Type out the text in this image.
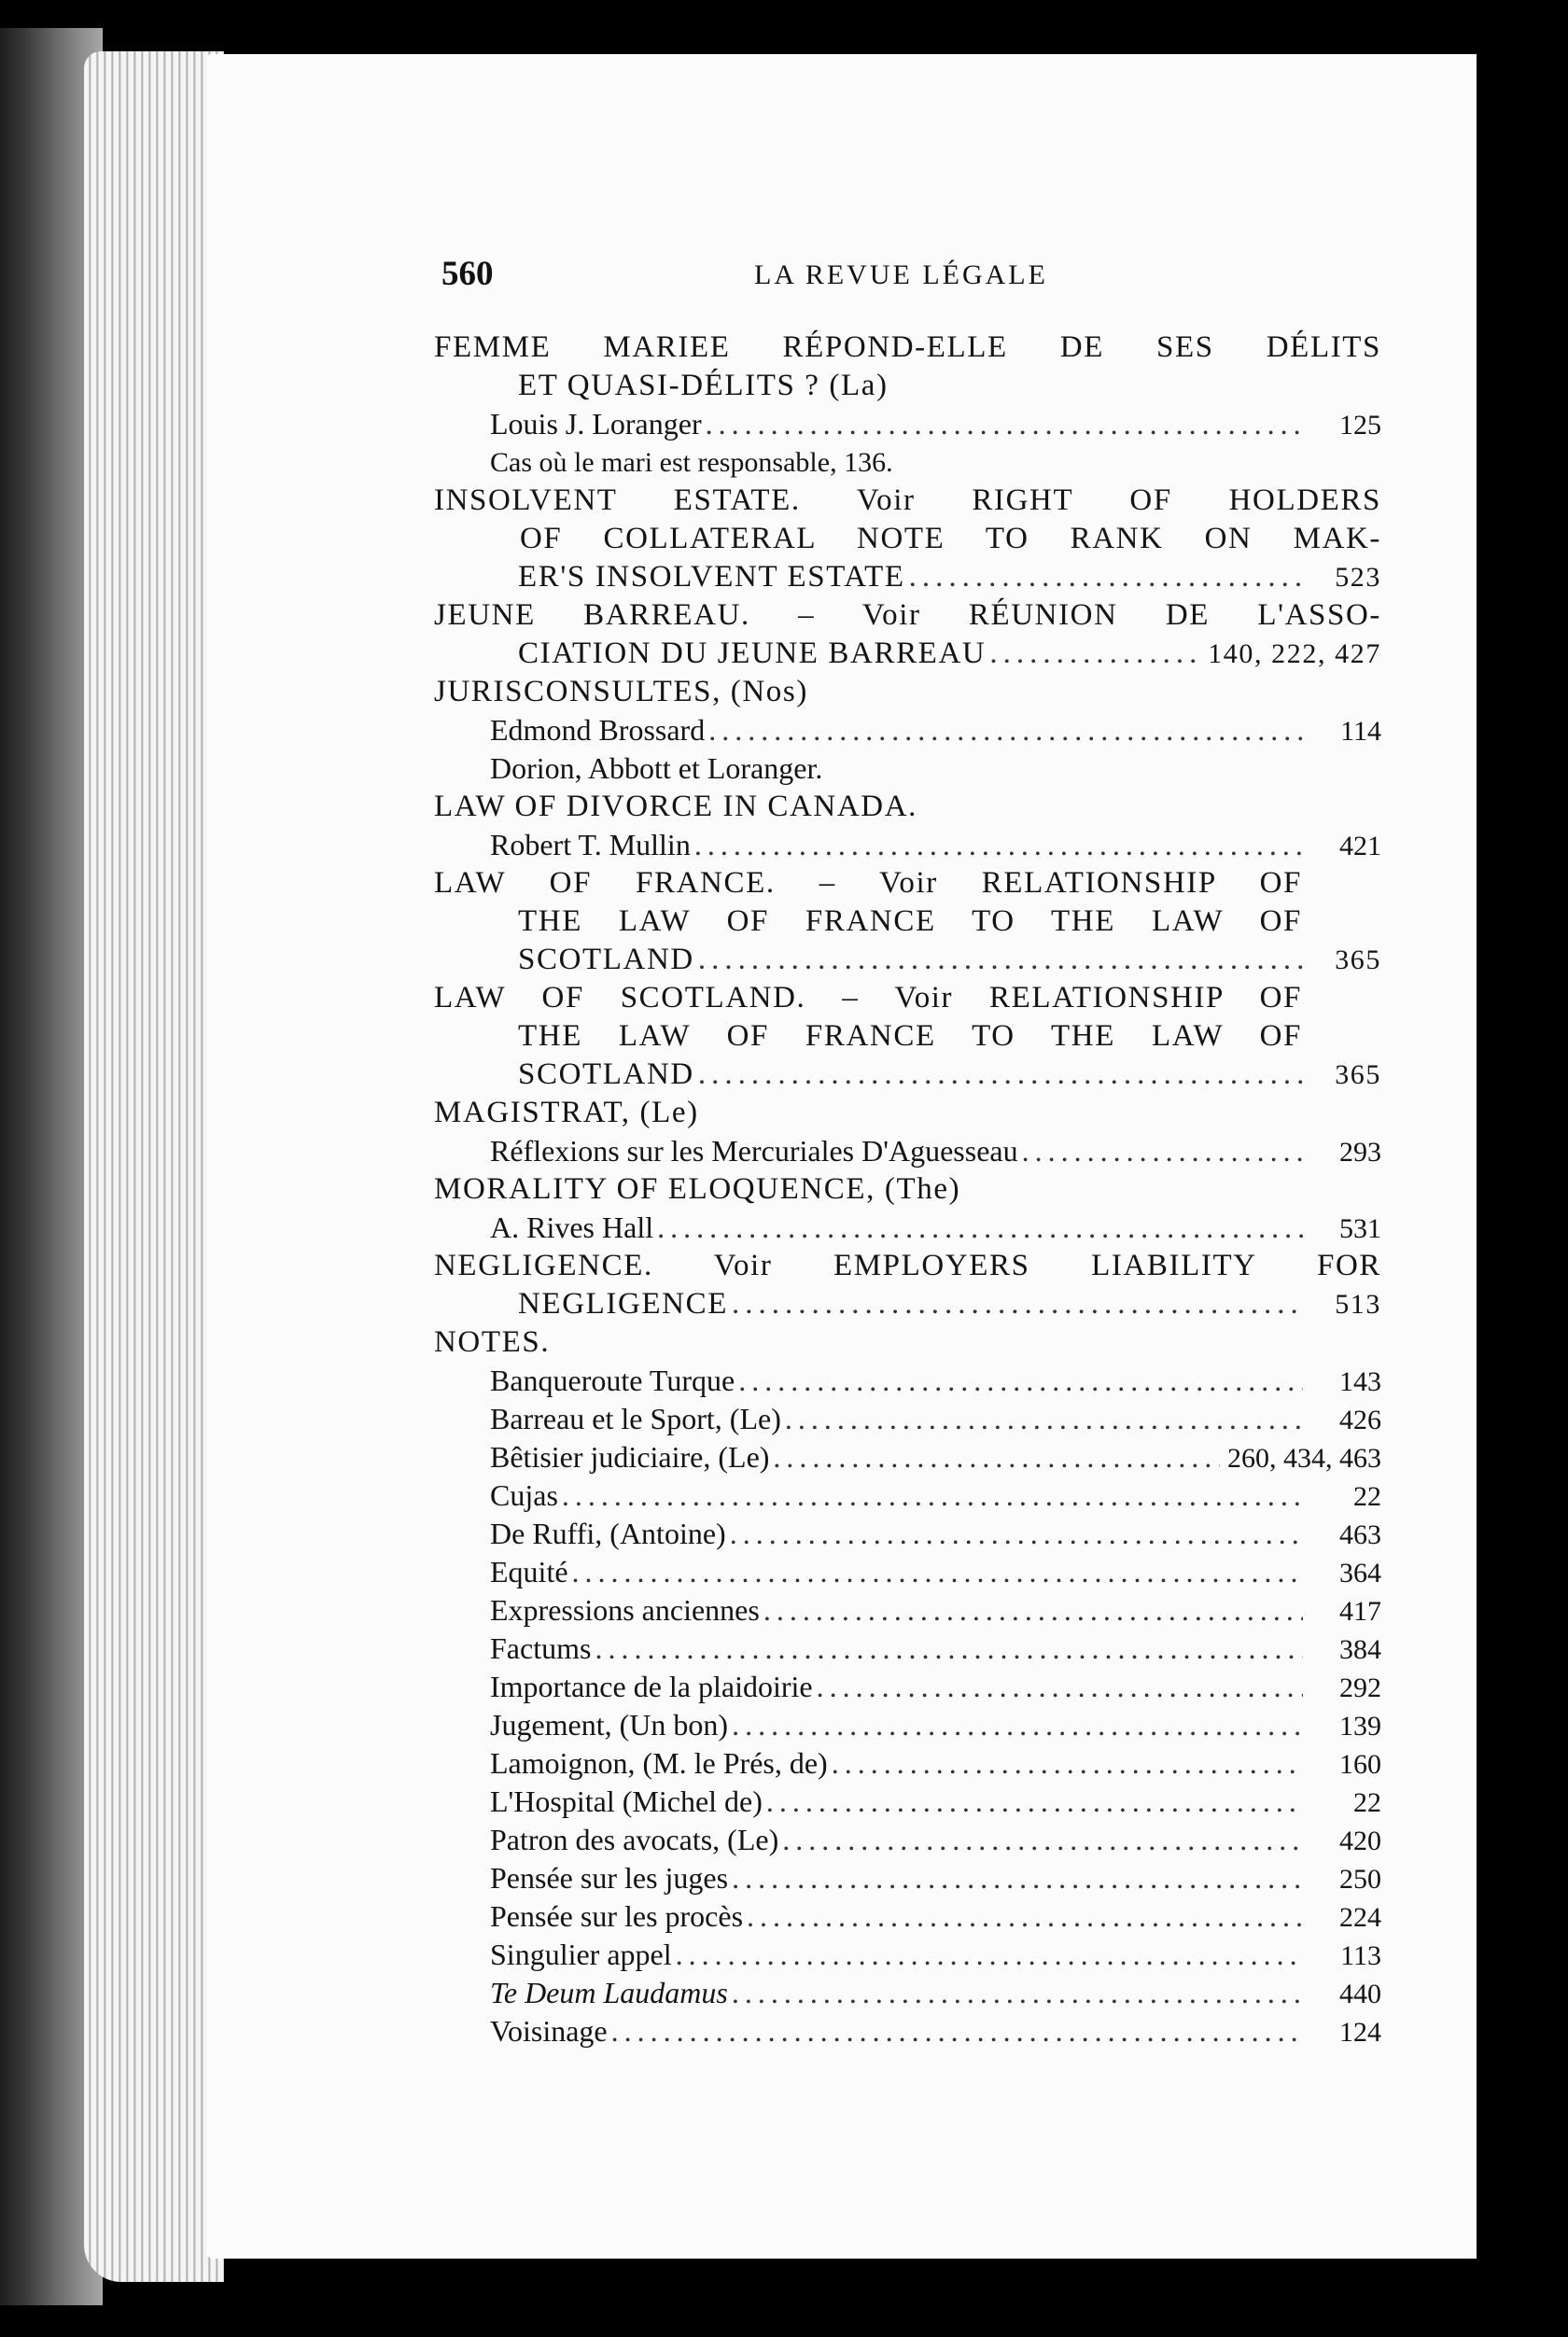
560	LA REVUE LÉGALE
FEMME MARIEE RÉPOND-ELLE DE SES DÉLITS
ET QUASI-DÉLITS ? (La)
Louis J. Loranger .....	125
Cas où le mari est responsable, 136.
INSOLVENT ESTATE. Voir RIGHT OF HOLDERS
OF COLLATERAL NOTE TO RANK ON MAK-
ER'S INSOLVENT ESTATE .....	523
JEUNE BARREAU. – Voir RÉUNION DE L'ASSO-
CIATION DU JEUNE BARREAU .....	140, 222, 427
JURISCONSULTES, (Nos)
Edmond Brossard .....	114
Dorion, Abbott et Loranger.
LAW OF DIVORCE IN CANADA.
Robert T. Mullin .....	421
LAW OF FRANCE. – Voir RELATIONSHIP OF
THE LAW OF FRANCE TO THE LAW OF
SCOTLAND .....	365
LAW OF SCOTLAND. – Voir RELATIONSHIP OF
THE LAW OF FRANCE TO THE LAW OF
SCOTLAND .....	365
MAGISTRAT, (Le)
Réflexions sur les Mercuriales D'Aguesseau .....	293
MORALITY OF ELOQUENCE, (The)
A. Rives Hall .....	531
NEGLIGENCE. Voir EMPLOYERS LIABILITY FOR
NEGLIGENCE .....	513
NOTES.
Banqueroute Turque .....	143
Barreau et le Sport, (Le) .....	426
Bêtisier judiciaire, (Le) .....	260, 434, 463
Cujas .....	22
De Ruffi, (Antoine) .....	463
Equité .....	364
Expressions anciennes .....	417
Factums .....	384
Importance de la plaidoirie .....	292
Jugement, (Un bon) .....	139
Lamoignon, (M. le Prés, de) .....	160
L'Hospital (Michel de) .....	22
Patron des avocats, (Le) .....	420
Pensée sur les juges .....	250
Pensée sur les procès .....	224
Singulier appel .....	113
Te Deum Laudamus .....	440
Voisinage .....	124
